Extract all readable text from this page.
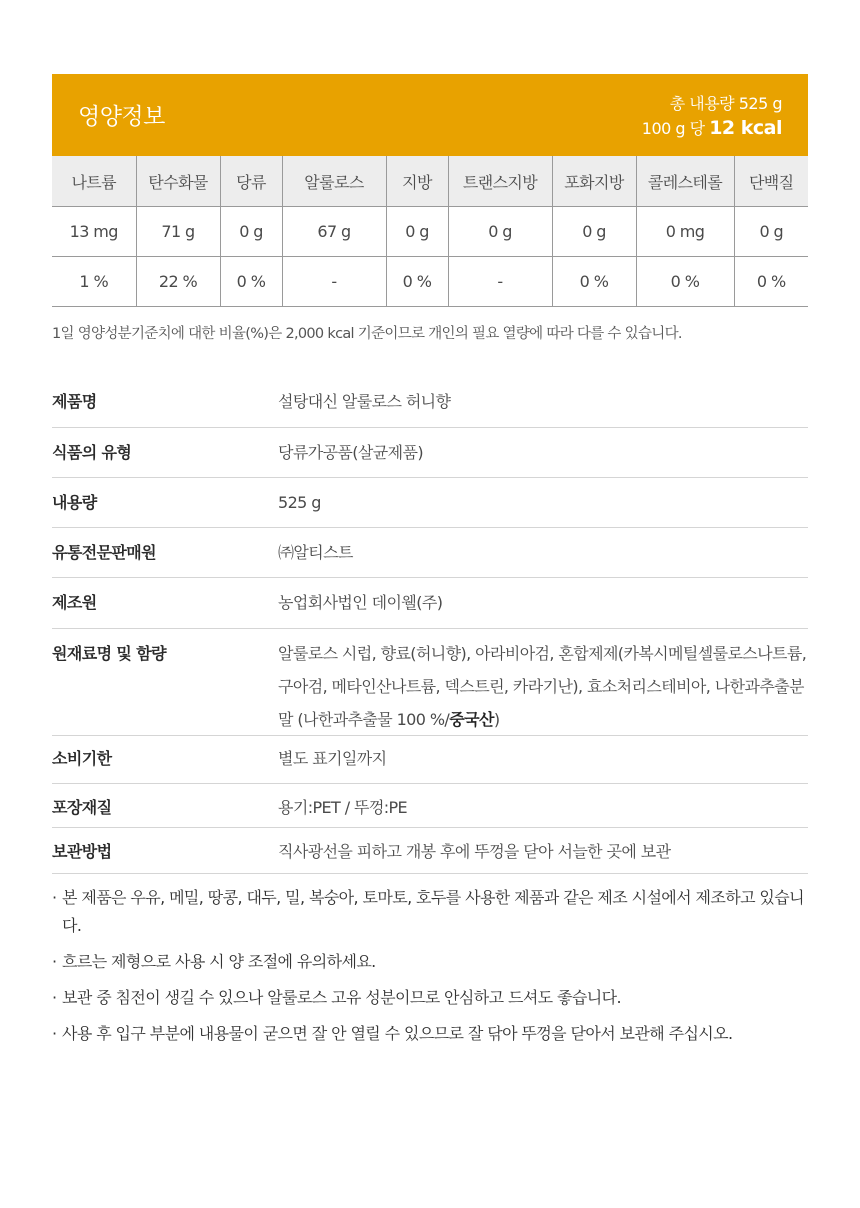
영양정보
총 내용량 525 g
100 g 당 12 kcal
나트륨	탄수화물	당류	알룰로스	지방	트랜스지방	포화지방	콜레스테롤	단백질
13 mg	71 g	0 g	67 g	0 g	0 g	0 g	0 mg	0 g
1 %	22 %	0 %	-	0 %	-	0 %	0 %	0 %
1일 영양성분기준치에 대한 비율(%)은 2,000 kcal 기준이므로 개인의 필요 열량에 따라 다를 수 있습니다.
제품명	설탕대신 알룰로스 허니향
식품의 유형	당류가공품(살균제품)
내용량	525 g
유통전문판매원	㈜알티스트
제조원	농업회사법인 데이웰(주)
원재료명 및 함량	알룰로스 시럽, 향료(허니향), 아라비아검, 혼합제제(카복시메틸셀룰로스나트륨, 구아검, 메타인산나트륨, 덱스트린, 카라기난), 효소처리스테비아, 나한과추출분말 (나한과추출물 100 %/중국산)
소비기한	별도 표기일까지
포장재질	용기:PET / 뚜껑:PE
보관방법	직사광선을 피하고 개봉 후에 뚜껑을 닫아 서늘한 곳에 보관
· 본 제품은 우유, 메밀, 땅콩, 대두, 밀, 복숭아, 토마토, 호두를 사용한 제품과 같은 제조 시설에서 제조하고 있습니다.
· 흐르는 제형으로 사용 시 양 조절에 유의하세요.
· 보관 중 침전이 생길 수 있으나 알룰로스 고유 성분이므로 안심하고 드셔도 좋습니다.
· 사용 후 입구 부분에 내용물이 굳으면 잘 안 열릴 수 있으므로 잘 닦아 뚜껑을 닫아서 보관해 주십시오.
